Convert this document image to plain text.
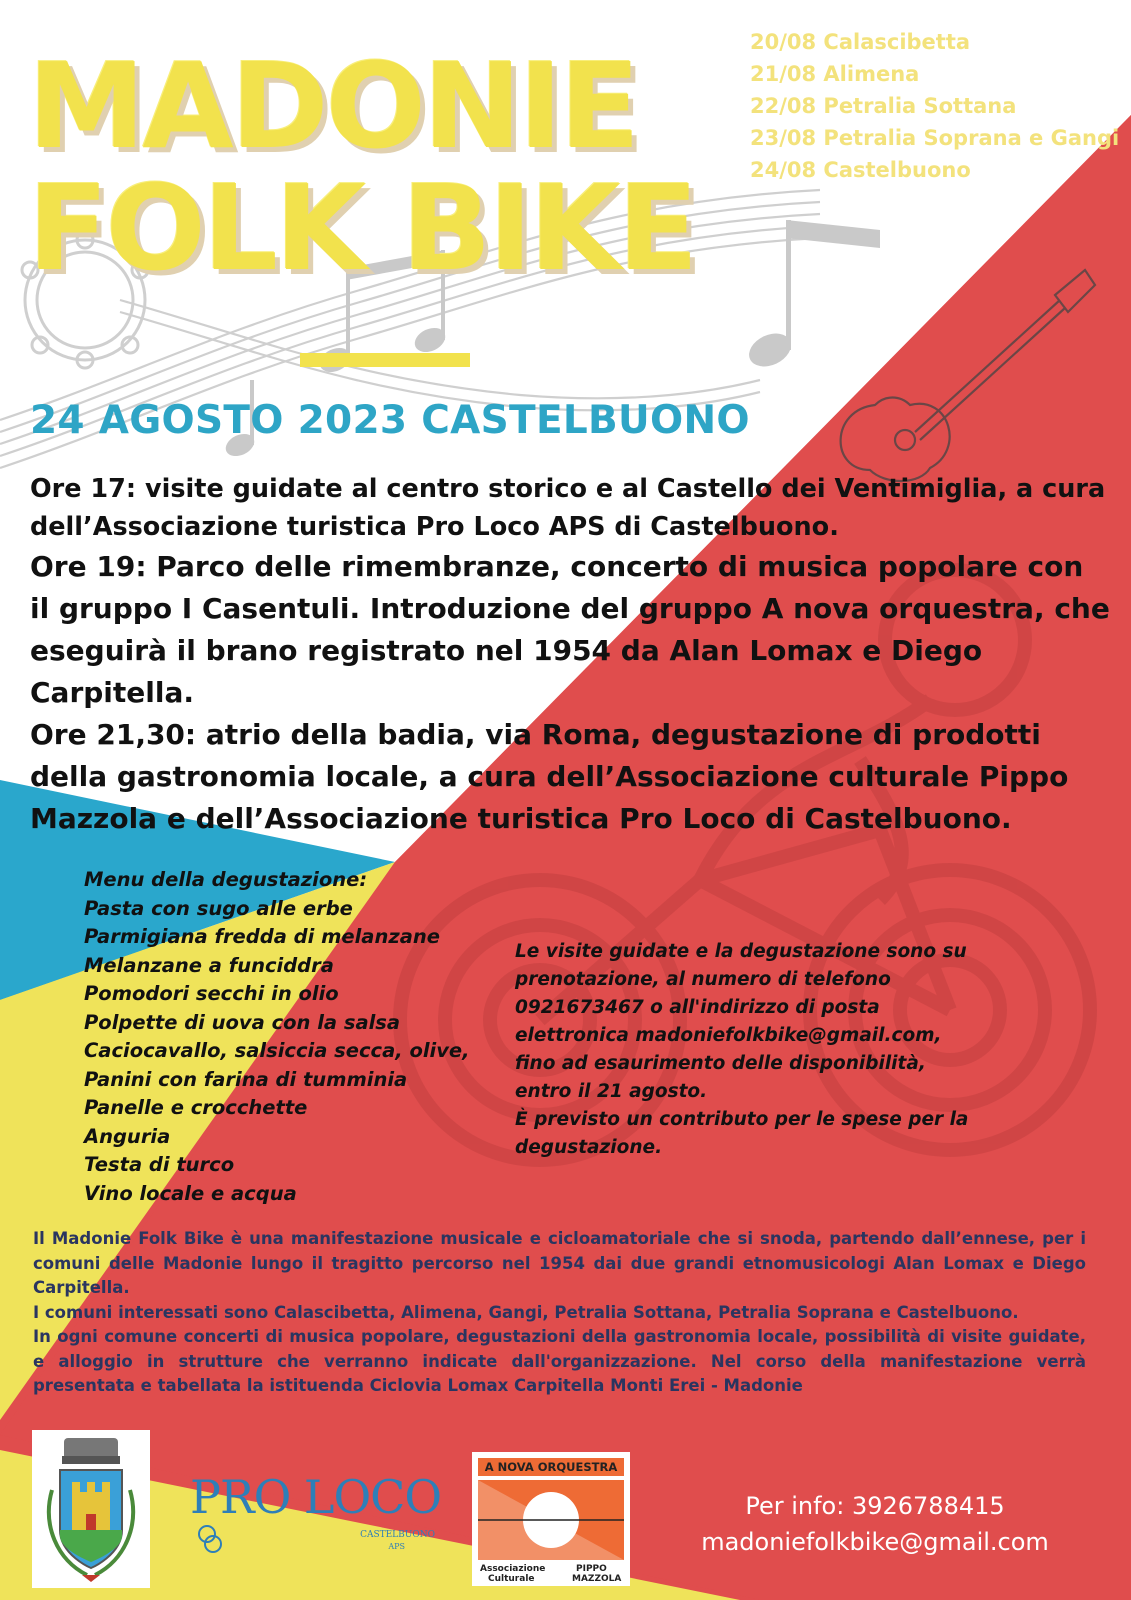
MADONIE
FOLK BIKE
20/08 Calascibetta
21/08 Alimena
22/08 Petralia Sottana
23/08 Petralia Soprana e Gangi
24/08 Castelbuono
24 AGOSTO 2023 CASTELBUONO

Ore 17: visite guidate al centro storico e al Castello dei Ventimiglia, a cura dell’Associazione turistica Pro Loco APS di Castelbuono.

Ore 19: Parco delle rimembranze, concerto di musica popolare con il gruppo I Casentuli. Introduzione del gruppo A nova orquestra, che eseguirà il brano registrato nel 1954 da Alan Lomax e Diego Carpitella.

Ore 21,30: atrio della badia, via Roma, degustazione di prodotti della gastronomia locale, a cura dell’Associazione culturale Pippo Mazzola e dell’Associazione turistica Pro Loco di Castelbuono.

Menu della degustazione:
Pasta con sugo alle erbe
Parmigiana fredda di melanzane
Melanzane a funciddra
Pomodori secchi in olio
Polpette di uova con la salsa
Caciocavallo, salsiccia secca, olive,
Panini con farina di tumminia
Panelle e crocchette
Anguria
Testa di turco
Vino locale e acqua
Le visite guidate e la degustazione sono su
prenotazione, al numero di telefono
0921673467 o all'indirizzo di posta
elettronica madoniefolkbike@gmail.com,
fino ad esaurimento delle disponibilità,
entro il 21 agosto.
È previsto un contributo per le spese per la
degustazione.

Il Madonie Folk Bike è una manifestazione musicale e cicloamatoriale che si snoda, partendo dall’ennese, per i comuni delle Madonie lungo il tragitto percorso nel 1954 dai due grandi etnomusicologi Alan Lomax e Diego Carpitella.

I comuni interessati sono Calascibetta, Alimena, Gangi, Petralia Sottana, Petralia Soprana e Castelbuono.

In ogni comune concerti di musica popolare, degustazioni della gastronomia locale, possibilità di visite guidate, e alloggio in strutture che verranno indicate dall'organizzazione. Nel corso della manifestazione verrà presentata e tabellata la istituenda Ciclovia Lomax Carpitella Monti Erei - Madonie

PRO LOCO
CASTELBUONO
APS
A NOVA ORQUESTRA
Associazione
Culturale
PIPPO
MAZZOLA
Per info: 3926788415
madoniefolkbike@gmail.com
